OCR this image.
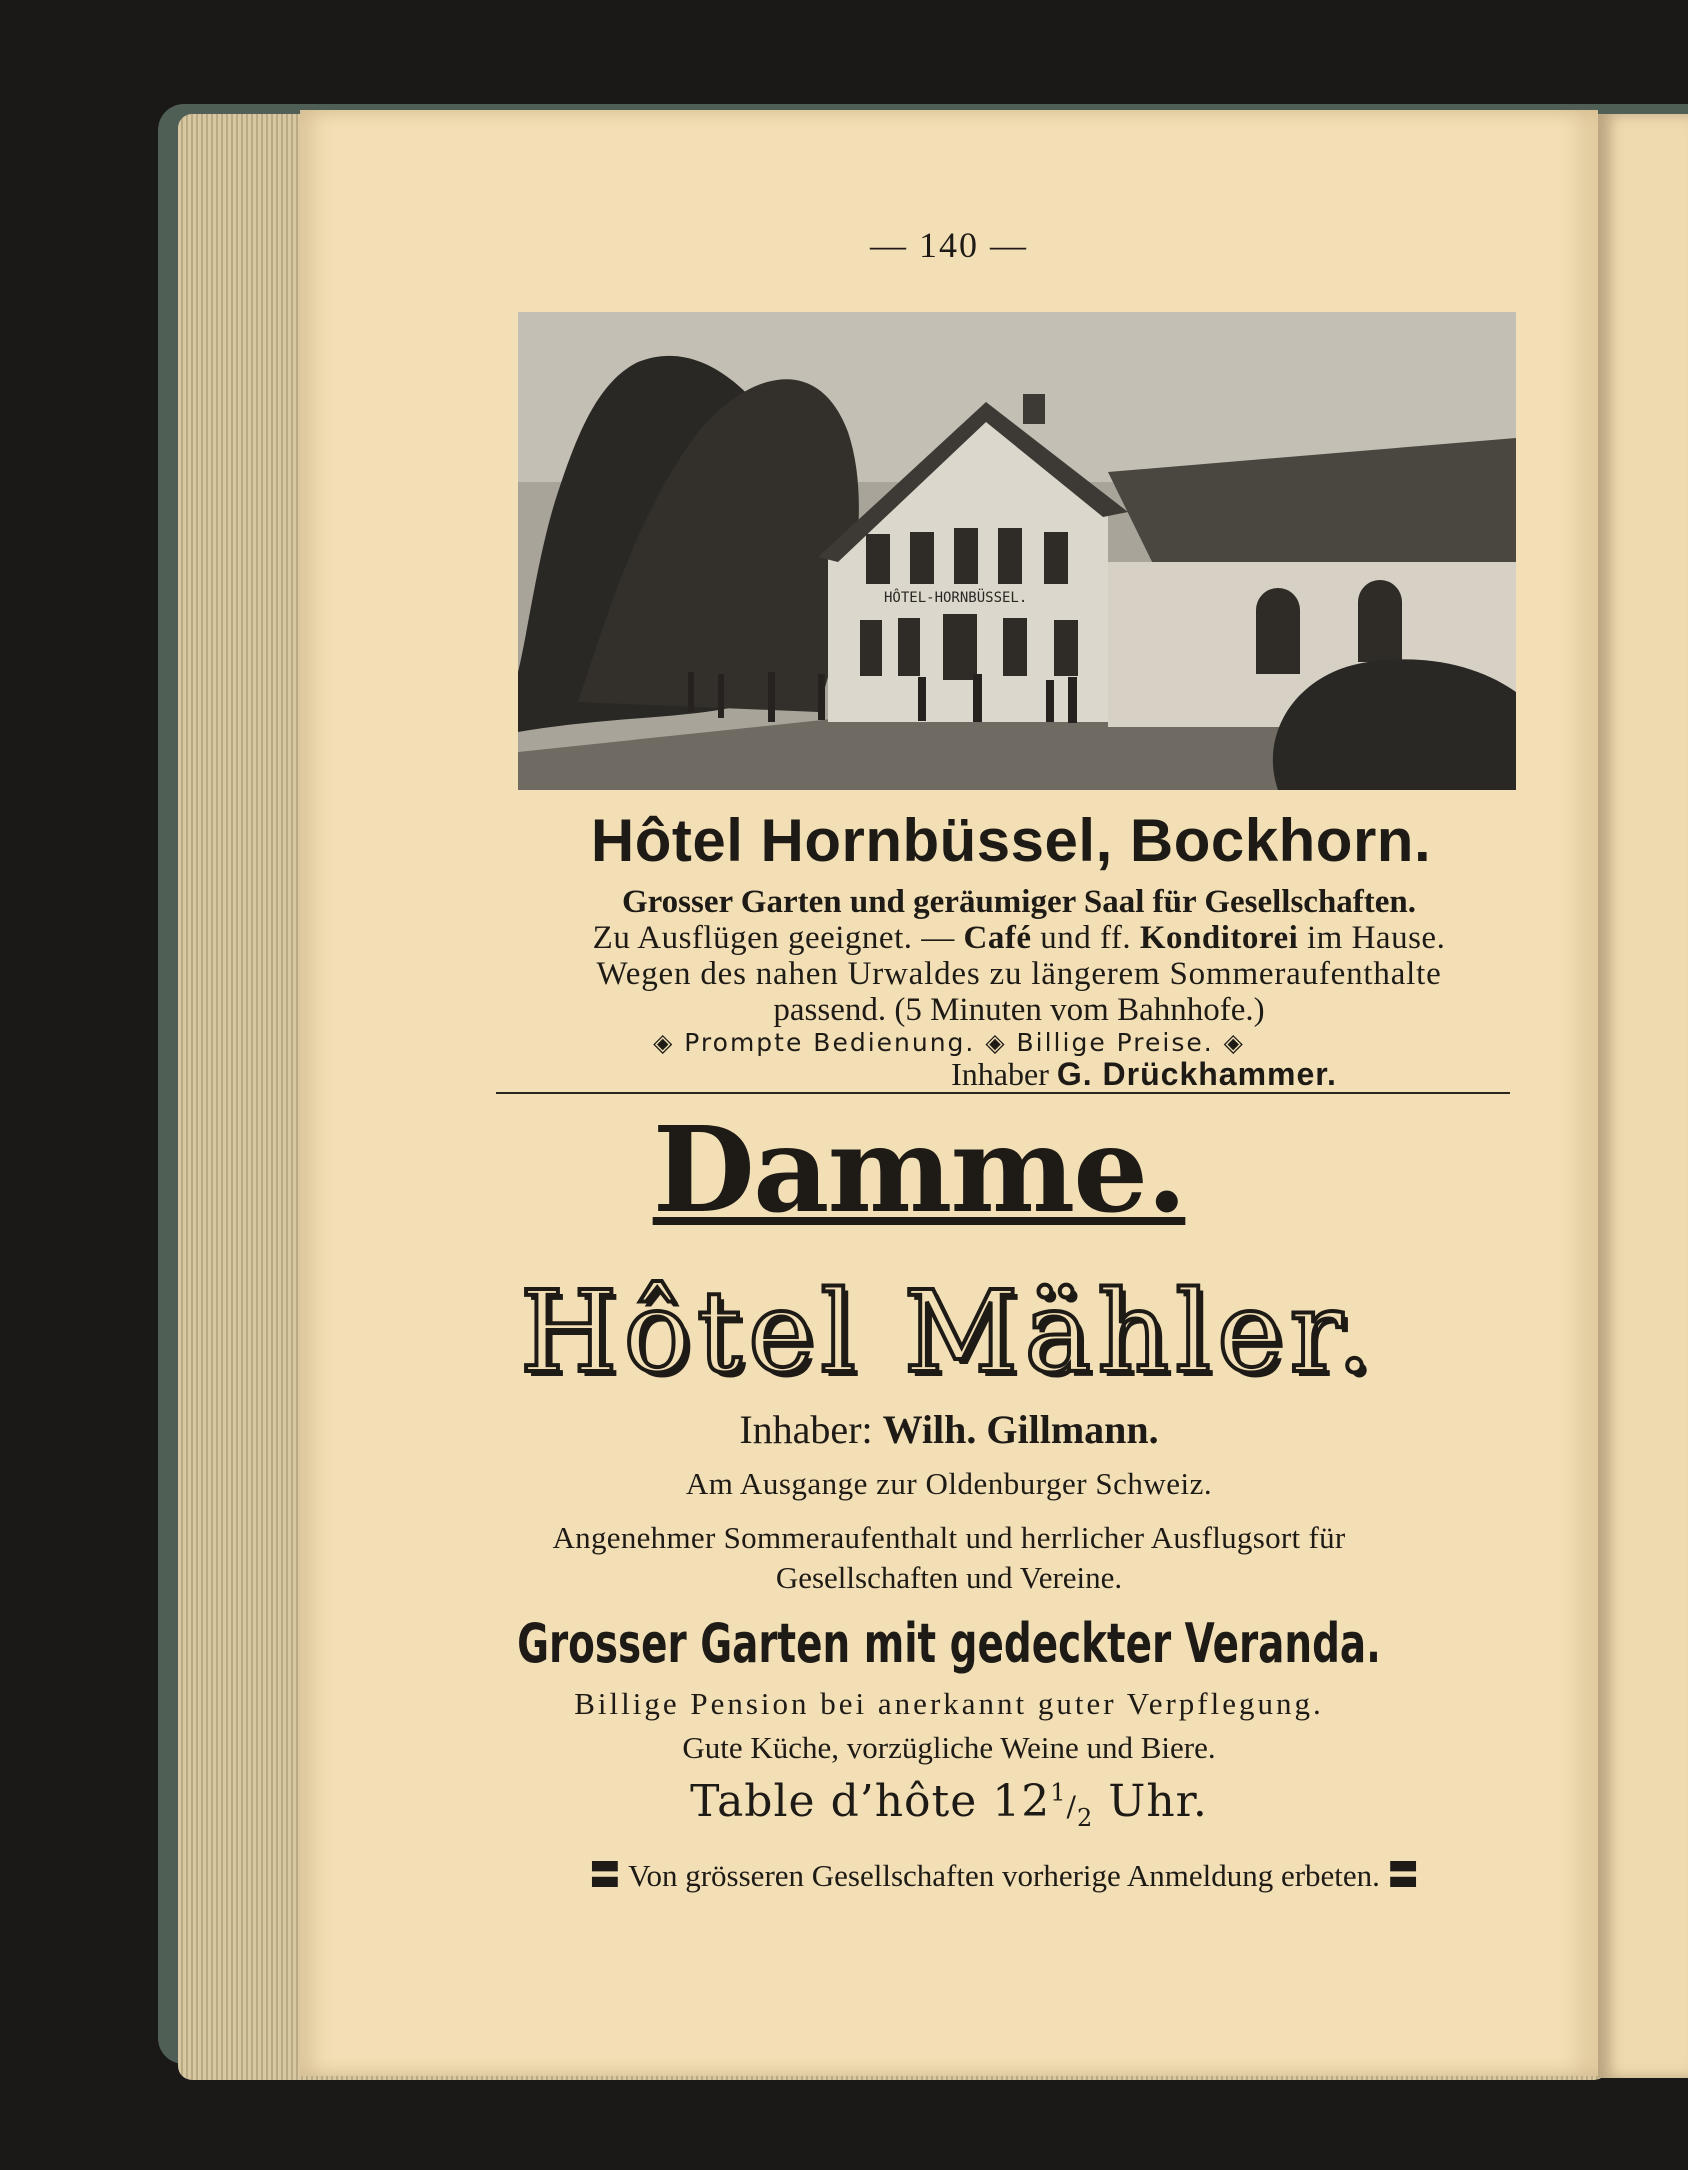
— 140 —
HÔTEL-HORNBÜSSEL.
Hôtel Hornbüssel, Bockhorn.
Grosser Garten und geräumiger Saal für Gesellschaften.
Zu Ausflügen geeignet. — Café und ff. Konditorei im Hause.
Wegen des nahen Urwaldes zu längerem Sommeraufenthalte
passend. (5 Minuten vom Bahnhofe.)
◈ Prompte Bedienung. ◈ Billige Preise. ◈
Inhaber G. Drückhammer.
Damme.
Hôtel Mähler.
Inhaber: Wilh. Gillmann.
Am Ausgange zur Oldenburger Schweiz.
Angenehmer Sommeraufenthalt und herrlicher Ausflugsort für
Gesellschaften und Vereine.
Grosser Garten mit gedeckter Veranda.
Billige Pension bei anerkannt guter Verpflegung.
Gute Küche, vorzügliche Weine und Biere.
Table d’hôte $12^1/_2$ Uhr.
〓 Von grösseren Gesellschaften vorherige Anmeldung erbeten. 〓
